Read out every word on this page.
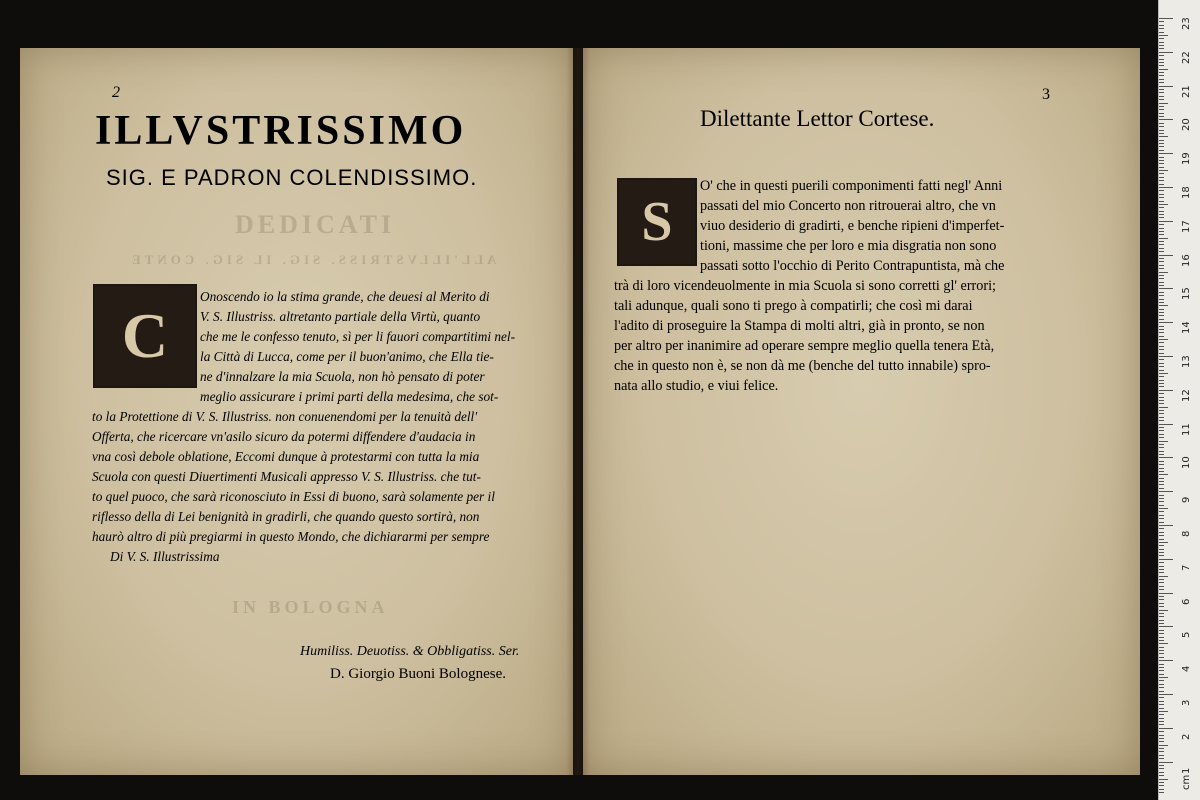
DEDICATI
ALL'ILLVSTRISS. SIG. IL SIG. CONTE
IN BOLOGNA
2
ILLVSTRISSIMO
SIG. E PADRON COLENDISSIMO.
C
Onoscendo io la stima grande, che deuesi al Merito di
V. S. Illustriss. altretanto partiale della Virtù, quanto
che me le confesso tenuto, sì per li fauori compartitimi nel-
la Città di Lucca, come per il buon'animo, che Ella tie-
ne d'innalzare la mia Scuola, non hò pensato di poter
meglio assicurare i primi parti della medesima, che sot-
to la Protettione di V. S. Illustriss. non conuenendomi per la tenuità dell'
Offerta, che ricercare vn'asilo sicuro da potermi diffendere d'audacia in
vna così debole oblatione, Eccomi dunque à protestarmi con tutta la mia
Scuola con questi Diuertimenti Musicali appresso V. S. Illustriss. che tut-
to quel puoco, che sarà riconosciuto in Essi di buono, sarà solamente per il
riflesso della di Lei benignità in gradirli, che quando questo sortirà, non
haurò altro di più pregiarmi in questo Mondo, che dichiararmi per sempre
Di V. S. Illustrissima
Humiliss. Deuotiss. & Obbligatiss. Ser.
D. Giorgio Buoni Bolognese.
3
Dilettante Lettor Cortese.
S
O' che in questi puerili componimenti fatti negl' Anni
passati del mio Concerto non ritrouerai altro, che vn
viuo desiderio di gradirti, e benche ripieni d'imperfet-
tioni, massime che per loro e mia disgratia non sono
passati sotto l'occhio di Perito Contrapuntista, mà che
trà di loro vicendeuolmente in mia Scuola si sono corretti gl' errori;
tali adunque, quali sono ti prego à compatirli; che così mi darai
l'adito di proseguire la Stampa di molti altri, già in pronto, se non
per altro per inanimire ad operare sempre meglio quella tenera Età,
che in questo non è, se non dà me (benche del tutto innabile) spro-
nata allo studio, e viui felice.
23
22
21
20
19
18
17
16
15
14
13
12
11
10
9
8
7
6
5
4
3
2
1
cm
